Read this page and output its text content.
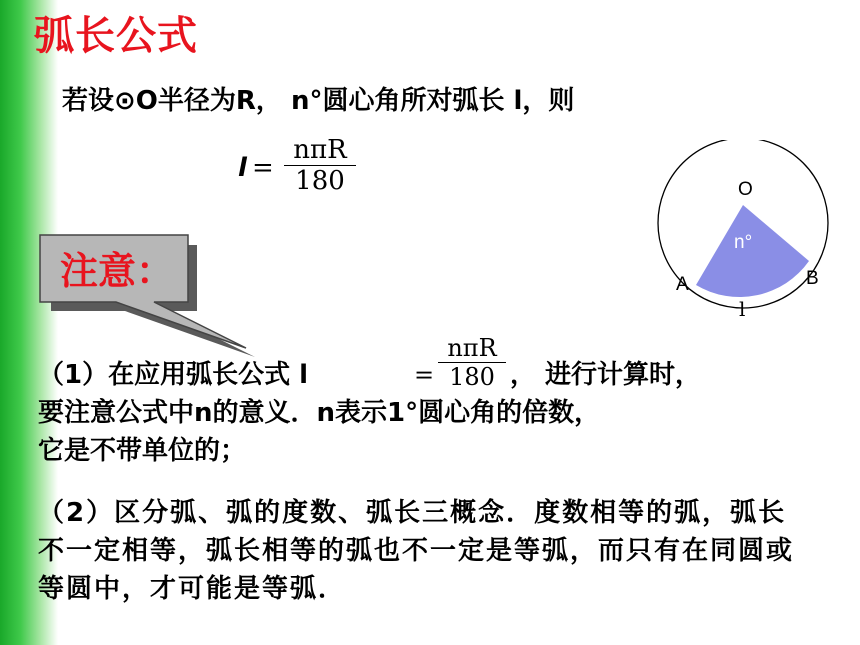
弧长公式
若设⊙O半径为R， n°圆心角所对弧长 l，则
l =
nπR
180	O
n°
A	B
l
注意：
（1）在应用弧长公式 l	=
nπR
180 ， 进行计算时，
要注意公式中n的意义．n表示1°圆心角的倍数，
它是不带单位的；
（2）区分弧、弧的度数、弧长三概念．度数相等的弧，弧长不一定相等，弧长相等的弧也不一定是等弧，而只有在同圆或等圆中，才可能是等弧．
